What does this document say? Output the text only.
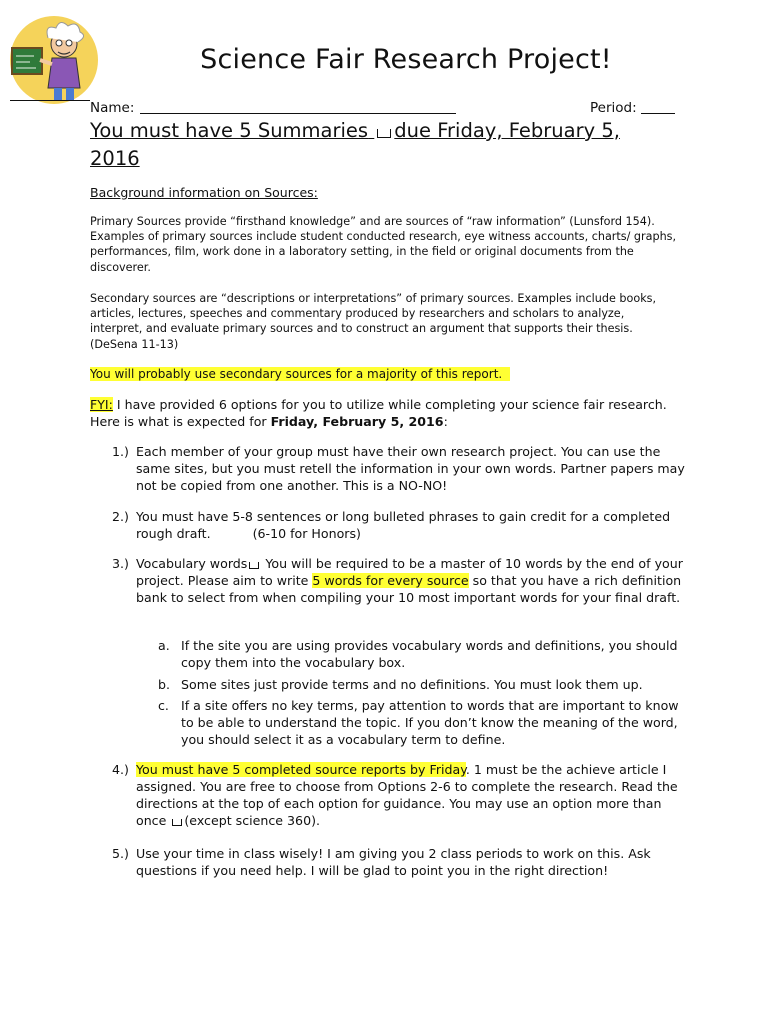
Science Fair Research Project!
Name:	Period:
You must have 5 Summaries due Friday, February 5,
2016
Background information on Sources:
Primary Sources provide “firsthand knowledge” and are sources of “raw information” (Lunsford 154). Examples of primary sources include student conducted research, eye witness accounts, charts/ graphs, performances, film, work done in a laboratory setting, in the field or original documents from the discoverer.
Secondary sources are “descriptions or interpretations” of primary sources. Examples include books, articles, lectures, speeches and commentary produced by researchers and scholars to analyze, interpret, and evaluate primary sources and to construct an argument that supports their thesis. (DeSena 11-13)
You will probably use secondary sources for a majority of this report.
FYI: I have provided 6 options for you to utilize while completing your science fair research. Here is what is expected for Friday, February 5, 2016:
1.) Each member of your group must have their own research project. You can use the same sites, but you must retell the information in your own words. Partner papers may not be copied from one another. This is a NO-NO!
2.) You must have 5-8 sentences or long bulleted phrases to gain credit for a completed rough draft.	(6-10 for Honors)
3.) Vocabulary words You will be required to be a master of 10 words by the end of your project. Please aim to write 5 words for every source so that you have a rich definition bank to select from when compiling your 10 most important words for your final draft.
a. If the site you are using provides vocabulary words and definitions, you should copy them into the vocabulary box.
b. Some sites just provide terms and no definitions. You must look them up.
c. If a site offers no key terms, pay attention to words that are important to know to be able to understand the topic. If you don’t know the meaning of the word, you should select it as a vocabulary term to define.
4.) You must have 5 completed source reports by Friday. 1 must be the achieve article I assigned. You are free to choose from Options 2-6 to complete the research. Read the directions at the top of each option for guidance. You may use an option more than once (except science 360).
5.) Use your time in class wisely! I am giving you 2 class periods to work on this. Ask questions if you need help. I will be glad to point you in the right direction!
